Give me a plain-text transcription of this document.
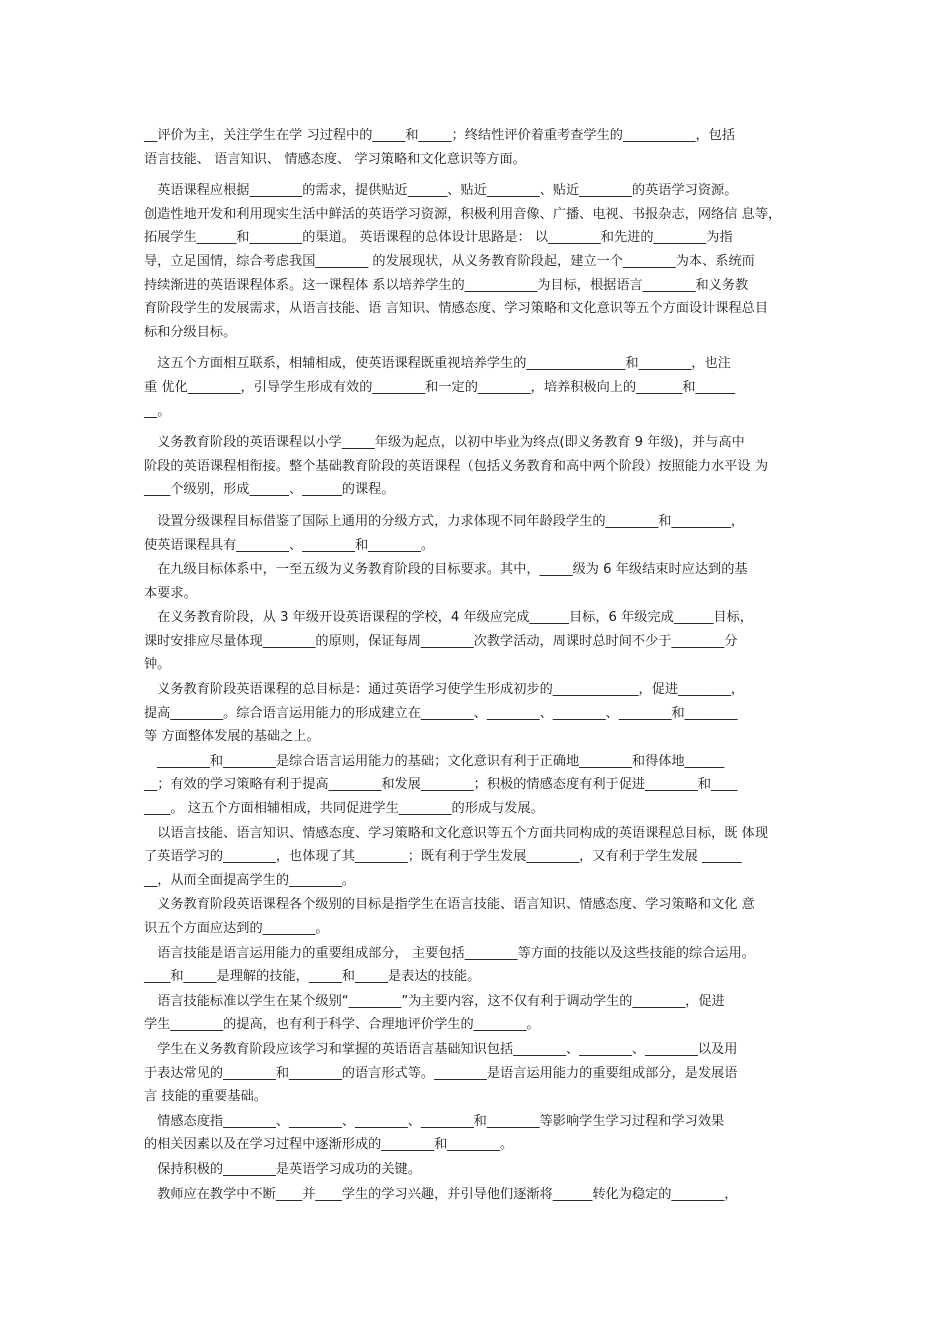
__评价为主，关注学生在学 习过程中的_____和_____；终结性评价着重考查学生的___________，包括
语言技能、 语言知识、 情感态度、 学习策略和文化意识等方面。
　英语课程应根据________的需求，提供贴近______、贴近________、贴近________的英语学习资源。
创造性地开发和利用现实生活中鲜活的英语学习资源，积极利用音像、广播、电视、书报杂志，网络信 息等，
拓展学生______和________的渠道。 英语课程的总体设计思路是： 以________和先进的________为指
导，立足国情，综合考虑我国________ 的发展现状，从义务教育阶段起，建立一个________为本、系统而
持续渐进的英语课程体系。这一课程体 系以培养学生的___________为目标，根据语言________和义务教
育阶段学生的发展需求，从语言技能、语 言知识、情感态度、学习策略和文化意识等五个方面设计课程总目
标和分级目标。
　这五个方面相互联系，相辅相成，使英语课程既重视培养学生的_______________和________，也注
重 优化________，引导学生形成有效的________和一定的________，培养积极向上的_______和______
__。
　义务教育阶段的英语课程以小学_____年级为起点，以初中毕业为终点(即义务教育 9 年级)，并与高中
阶段的英语课程相衔接。整个基础教育阶段的英语课程（包括义务教育和高中两个阶段）按照能力水平设 为
____个级别，形成______、______的课程。
　设置分级课程目标借鉴了国际上通用的分级方式，力求体现不同年龄段学生的________和_________，
使英语课程具有________、________和________。
　在九级目标体系中，一至五级为义务教育阶段的目标要求。其中，_____级为 6 年级结束时应达到的基
本要求。
　在义务教育阶段，从 3 年级开设英语课程的学校，4 年级应完成______目标，6 年级完成______目标，
课时安排应尽量体现________的原则，保证每周________次教学活动，周课时总时间不少于________分
钟。
　义务教育阶段英语课程的总目标是：通过英语学习使学生形成初步的_____________，促进________，
提高________。综合语言运用能力的形成建立在________、________、________、________和________
等 方面整体发展的基础之上。
　________和________是综合语言运用能力的基础；文化意识有利于正确地________和得体地______
__；有效的学习策略有利于提高________和发展________；积极的情感态度有利于促进________和____
____。 这五个方面相辅相成，共同促进学生________的形成与发展。
　以语言技能、语言知识、情感态度、学习策略和文化意识等五个方面共同构成的英语课程总目标，既 体现
了英语学习的________，也体现了其________；既有利于学生发展________，又有利于学生发展 ______
__，从而全面提高学生的________。
　义务教育阶段英语课程各个级别的目标是指学生在语言技能、语言知识、情感态度、学习策略和文化 意
识五个方面应达到的________。
　语言技能是语言运用能力的重要组成部分， 主要包括________等方面的技能以及这些技能的综合运用。
____和_____是理解的技能，_____和_____是表达的技能。
　语言技能标准以学生在某个级别“________”为主要内容，这不仅有利于调动学生的________，促进
学生________的提高，也有利于科学、合理地评价学生的________。
　学生在义务教育阶段应该学习和掌握的英语语言基础知识包括________、________、________以及用
于表达常见的________和________的语言形式等。________是语言运用能力的重要组成部分，是发展语
言 技能的重要基础。
　情感态度指________、________、________、________和________等影响学生学习过程和学习效果
的相关因素以及在学习过程中逐渐形成的________和________。
　保持积极的________是英语学习成功的关键。
　教师应在教学中不断____并____学生的学习兴趣，并引导他们逐渐将______转化为稳定的________，
